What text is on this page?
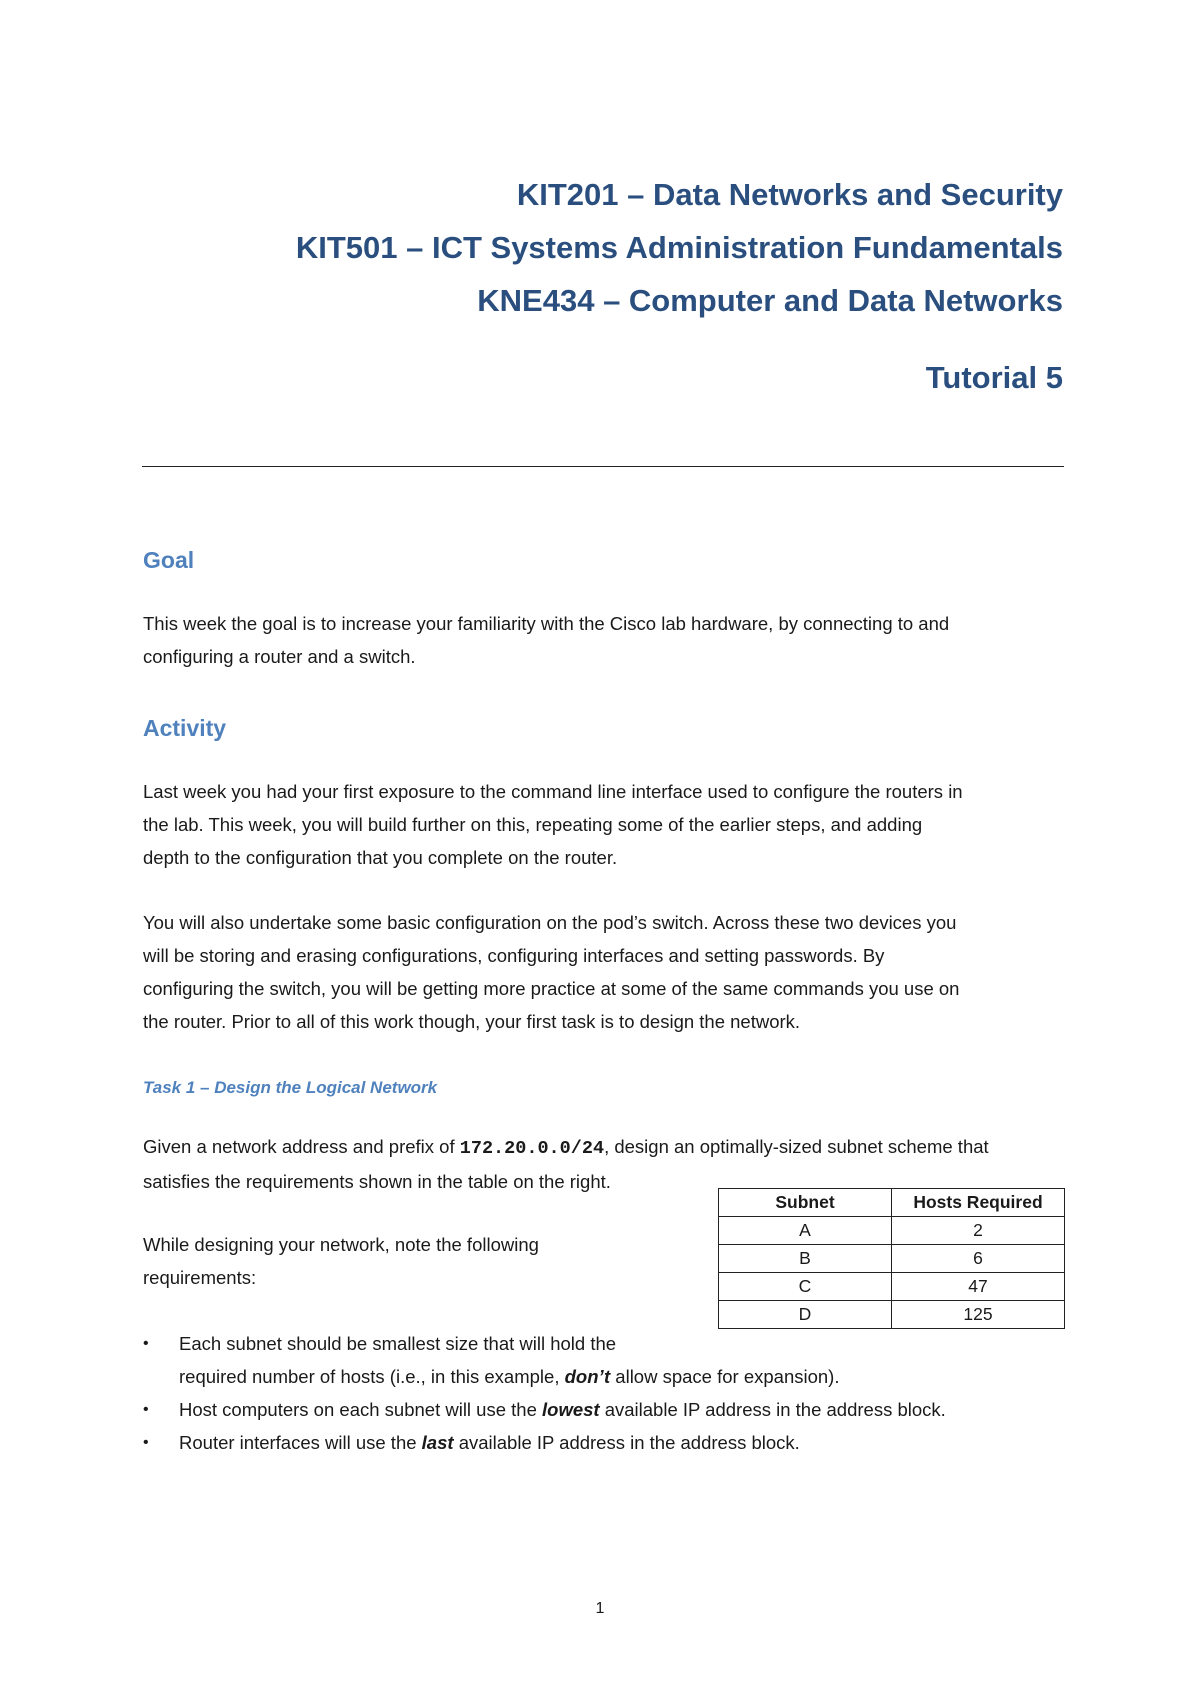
KIT201 – Data Networks and Security
KIT501 – ICT Systems Administration Fundamentals
KNE434 – Computer and Data Networks
Tutorial 5
Goal

This week the goal is to increase your familiarity with the Cisco lab hardware, by connecting to and

configuring a router and a switch.

Activity

Last week you had your first exposure to the command line interface used to configure the routers in

the lab. This week, you will build further on this, repeating some of the earlier steps, and adding

depth to the configuration that you complete on the router.

You will also undertake some basic configuration on the pod’s switch. Across these two devices you

will be storing and erasing configurations, configuring interfaces and setting passwords. By

configuring the switch, you will be getting more practice at some of the same commands you use on

the router. Prior to all of this work though, your first task is to design the network.

Task 1 – Design the Logical Network

Given a network address and prefix of 172.20.0.0/24, design an optimally-sized subnet scheme that

satisfies the requirements shown in the table on the right.

While designing your network, note the following

requirements:

• Each subnet should be smallest size that will hold the
required number of hosts (i.e., in this example, don’t allow space for expansion).
• Host computers on each subnet will use the lowest available IP address in the address block.
• Router interfaces will use the last available IP address in the address block.
Subnet	Hosts Required
A	2
B	6
C	47
D	125
1
